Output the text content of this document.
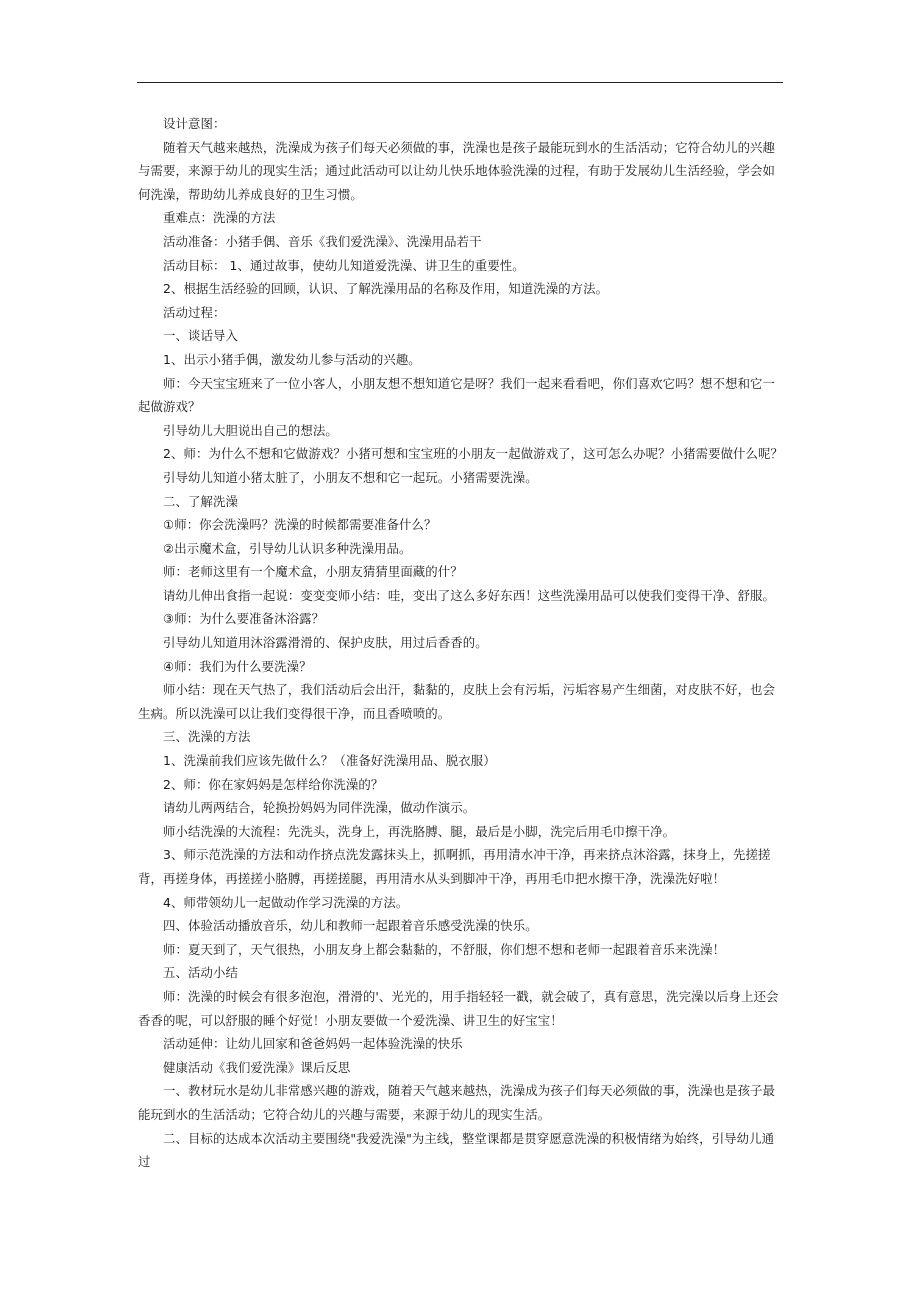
设计意图：

随着天气越来越热，洗澡成为孩子们每天必须做的事，洗澡也是孩子最能玩到水的生活活动；它符合幼儿的兴趣与需要，来源于幼儿的现实生活；通过此活动可以让幼儿快乐地体验洗澡的过程，有助于发展幼儿生活经验，学会如何洗澡，帮助幼儿养成良好的卫生习惯。

重难点：洗澡的方法

活动准备：小猪手偶、音乐《我们爱洗澡》、洗澡用品若干

活动目标： 1、通过故事，使幼儿知道爱洗澡、讲卫生的重要性。

2、根据生活经验的回顾，认识、了解洗澡用品的名称及作用，知道洗澡的方法。

活动过程：

一、谈话导入

1、出示小猪手偶，激发幼儿参与活动的兴趣。

师：今天宝宝班来了一位小客人，小朋友想不想知道它是呀？我们一起来看看吧，你们喜欢它吗？想不想和它一起做游戏？

引导幼儿大胆说出自己的想法。

2、师：为什么不想和它做游戏？小猪可想和宝宝班的小朋友一起做游戏了，这可怎么办呢？小猪需要做什么呢？

引导幼儿知道小猪太脏了，小朋友不想和它一起玩。小猪需要洗澡。

二、了解洗澡

①师：你会洗澡吗？洗澡的时候都需要准备什么？

②出示魔术盒，引导幼儿认识多种洗澡用品。

师：老师这里有一个魔术盒，小朋友猜猜里面藏的什？

请幼儿伸出食指一起说：变变变师小结：哇，变出了这么多好东西！这些洗澡用品可以使我们变得干净、舒服。

③师：为什么要准备沐浴露？

引导幼儿知道用沐浴露滑滑的、保护皮肤，用过后香香的。

④师：我们为什么要洗澡？

师小结：现在天气热了，我们活动后会出汗，黏黏的，皮肤上会有污垢，污垢容易产生细菌，对皮肤不好，也会生病。所以洗澡可以让我们变得很干净，而且香喷喷的。

三、洗澡的方法

1、洗澡前我们应该先做什么？（准备好洗澡用品、脱衣服）

2、师：你在家妈妈是怎样给你洗澡的？

请幼儿两两结合，轮换扮妈妈为同伴洗澡，做动作演示。

师小结洗澡的大流程：先洗头，洗身上，再洗胳膊、腿，最后是小脚，洗完后用毛巾擦干净。

3、师示范洗澡的方法和动作挤点洗发露抹头上，抓啊抓，再用清水冲干净，再来挤点沐浴露，抹身上，先搓搓背，再搓身体，再搓搓小胳膊，再搓搓腿，再用清水从头到脚冲干净，再用毛巾把水擦干净，洗澡洗好啦！

4、师带领幼儿一起做动作学习洗澡的方法。

四、体验活动播放音乐，幼儿和教师一起跟着音乐感受洗澡的快乐。

师：夏天到了，天气很热，小朋友身上都会黏黏的，不舒服，你们想不想和老师一起跟着音乐来洗澡！

五、活动小结

师：洗澡的时候会有很多泡泡，滑滑的'、光光的，用手指轻轻一戳，就会破了，真有意思，洗完澡以后身上还会香香的呢，可以舒服的睡个好觉！小朋友要做一个爱洗澡、讲卫生的好宝宝！

活动延伸：让幼儿回家和爸爸妈妈一起体验洗澡的快乐

健康活动《我们爱洗澡》课后反思

一、教材玩水是幼儿非常感兴趣的游戏，随着天气越来越热，洗澡成为孩子们每天必须做的事，洗澡也是孩子最能玩到水的生活活动；它符合幼儿的兴趣与需要，来源于幼儿的现实生活。

二、目标的达成本次活动主要围绕"我爱洗澡"为主线，整堂课都是贯穿愿意洗澡的积极情绪为始终，引导幼儿通过
